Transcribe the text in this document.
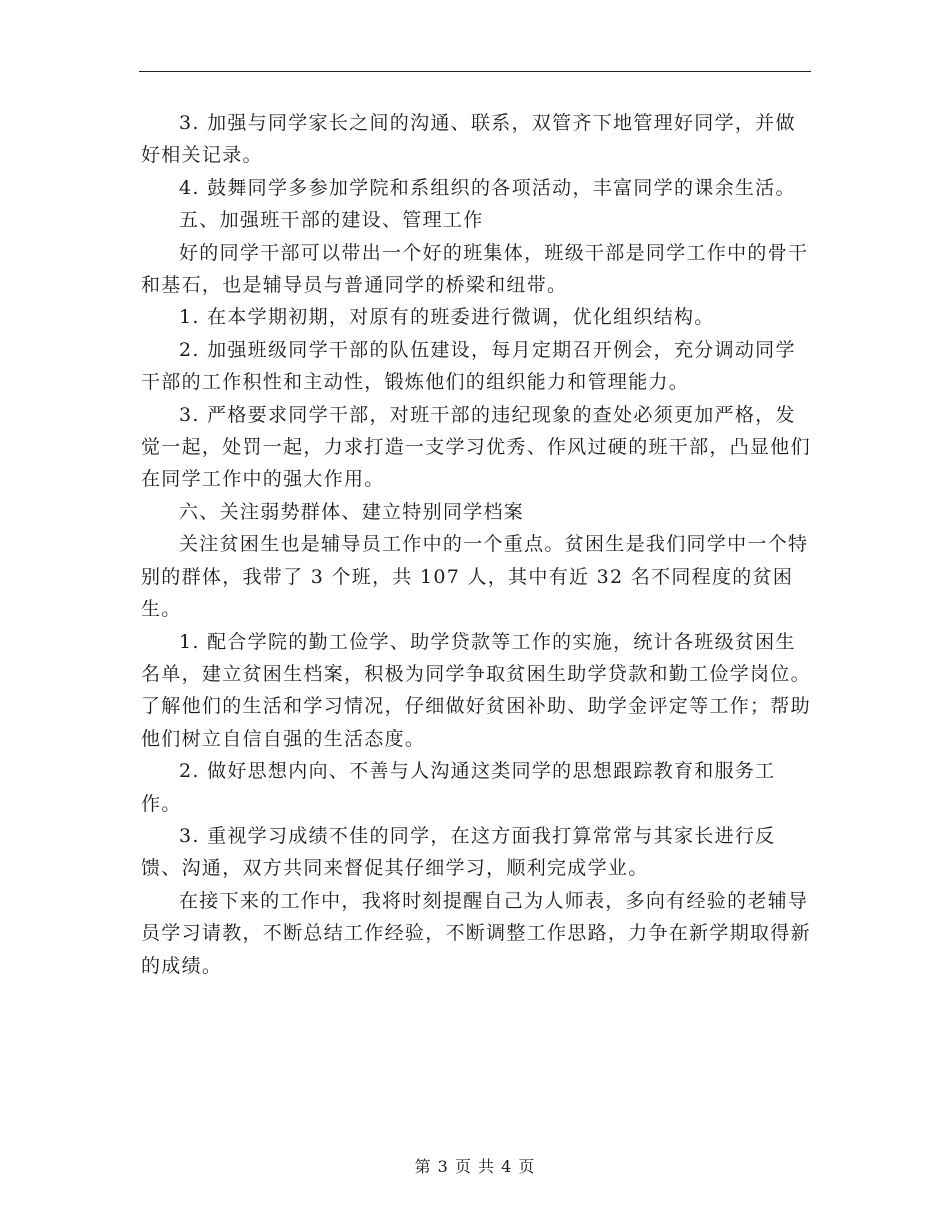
3. 加强与同学家长之间的沟通、联系，双管齐下地管理好同学，并做好相关记录。

4. 鼓舞同学多参加学院和系组织的各项活动，丰富同学的课余生活。

五、加强班干部的建设、管理工作

好的同学干部可以带出一个好的班集体，班级干部是同学工作中的骨干和基石，也是辅导员与普通同学的桥梁和纽带。

1. 在本学期初期，对原有的班委进行微调，优化组织结构。

2. 加强班级同学干部的队伍建设，每月定期召开例会，充分调动同学干部的工作积性和主动性，锻炼他们的组织能力和管理能力。

3. 严格要求同学干部，对班干部的违纪现象的查处必须更加严格，发觉一起，处罚一起，力求打造一支学习优秀、作风过硬的班干部，凸显他们在同学工作中的强大作用。

六、关注弱势群体、建立特别同学档案

关注贫困生也是辅导员工作中的一个重点。贫困生是我们同学中一个特别的群体，我带了 3 个班，共 107 人，其中有近 32 名不同程度的贫困生。

1. 配合学院的勤工俭学、助学贷款等工作的实施，统计各班级贫困生名单，建立贫困生档案，积极为同学争取贫困生助学贷款和勤工俭学岗位。了解他们的生活和学习情况，仔细做好贫困补助、助学金评定等工作；帮助他们树立自信自强的生活态度。

2. 做好思想内向、不善与人沟通这类同学的思想跟踪教育和服务工作。

3. 重视学习成绩不佳的同学，在这方面我打算常常与其家长进行反馈、沟通，双方共同来督促其仔细学习，顺利完成学业。

在接下来的工作中，我将时刻提醒自己为人师表，多向有经验的老辅导员学习请教，不断总结工作经验，不断调整工作思路，力争在新学期取得新的成绩。

第 3 页 共 4 页
